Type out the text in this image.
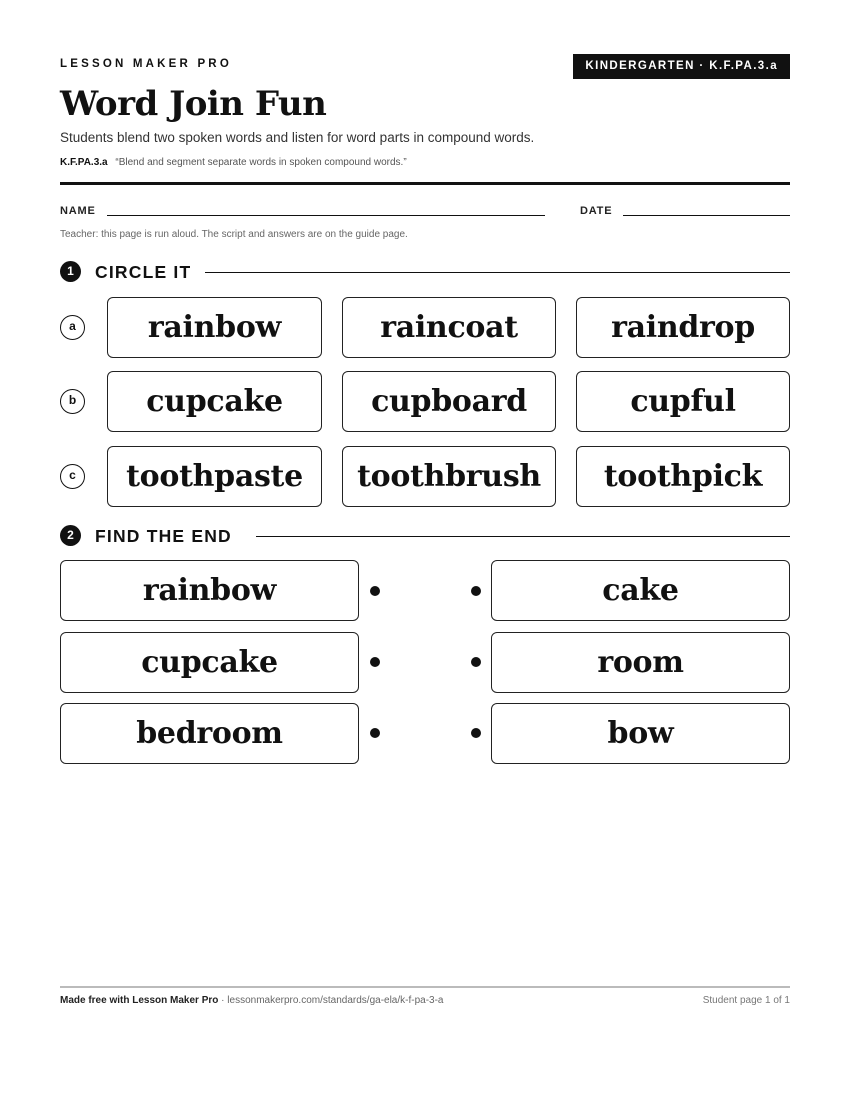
LESSON MAKER PRO	KINDERGARTEN · K.F.PA.3.a
Word Join Fun
Students blend two spoken words and listen for word parts in compound words.
K.F.PA.3.a “Blend and segment separate words in spoken compound words.”
NAME	DATE
Teacher: this page is run aloud. The script and answers are on the guide page.
1	CIRCLE IT
a	rainbow	raincoat	raindrop
b	cupcake	cupboard	cupful
c	toothpaste	toothbrush	toothpick
2	FIND THE END
rainbow	cake
cupcake	room
bedroom	bow
Made free with Lesson Maker Pro · lessonmakerpro.com/standards/ga-ela/k-f-pa-3-a	Student page 1 of 1
